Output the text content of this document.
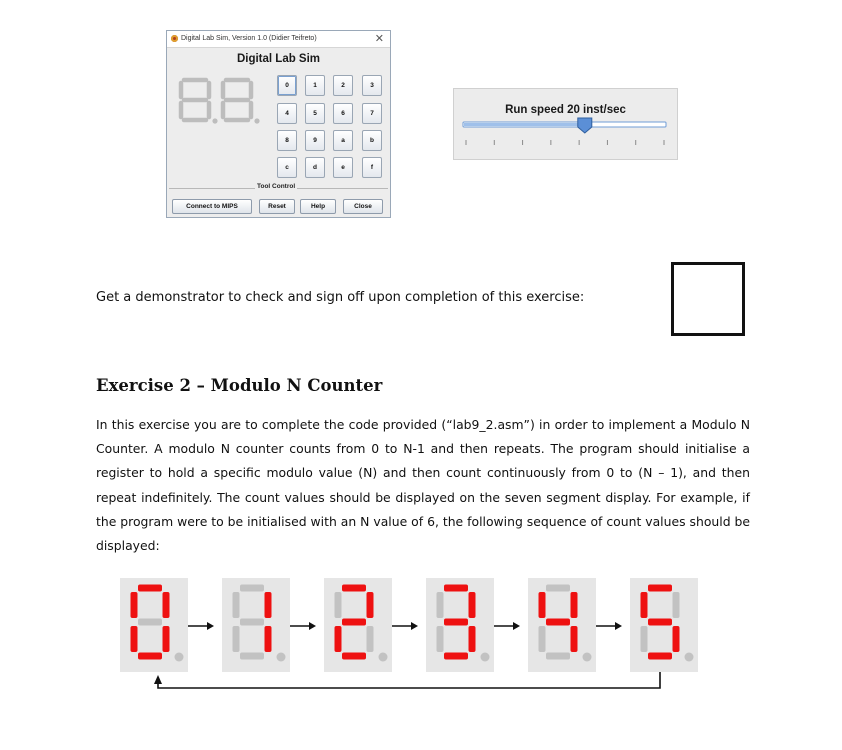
Digital Lab Sim, Version 1.0 (Didier Teifreto)	✕
Digital Lab Sim
0	1	2	3
4	5	6	7
8	9	a	b
c	d	e	f
Tool Control
Connect to MIPS	Reset	Help	Close
Run speed 20 inst/sec
Get a demonstrator to check and sign off upon completion of this exercise:
Exercise 2 – Modulo N Counter

In this exercise you are to complete the code provided (“lab9_2.asm”) in order to implement a Modulo N Counter. A modulo N counter counts from 0 to N-1 and then repeats. The program should initialise a register to hold a specific modulo value (N) and then count continuously from 0 to (N – 1), and then repeat indefinitely. The count values should be displayed on the seven segment display. For example, if the program were to be initialised with an N value of 6, the following sequence of count values should be displayed:
